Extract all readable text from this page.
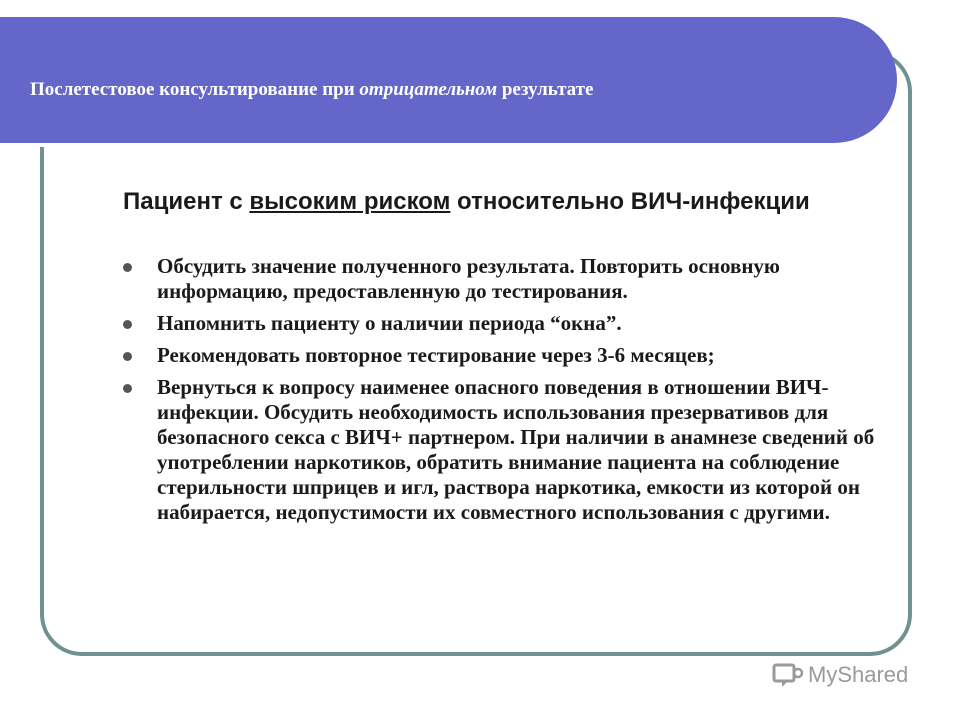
Послетестовое консультирование при отрицательном результате
Пациент с высоким риском относительно ВИЧ-инфекции
Обсудить значение полученного результата. Повторить основную информацию, предоставленную до тестирования.
Напомнить пациенту о наличии периода “окна”.
Рекомендовать повторное тестирование через 3-6 месяцев;
Вернуться к вопросу наименее опасного поведения в отношении ВИЧ-инфекции. Обсудить необходимость использования презервативов для безопасного секса с ВИЧ+ партнером. При наличии в анамнезе сведений об употреблении наркотиков, обратить внимание пациента на соблюдение стерильности шприцев и игл, раствора наркотика, емкости из которой он набирается, недопустимости их совместного использования с другими.
MyShared
